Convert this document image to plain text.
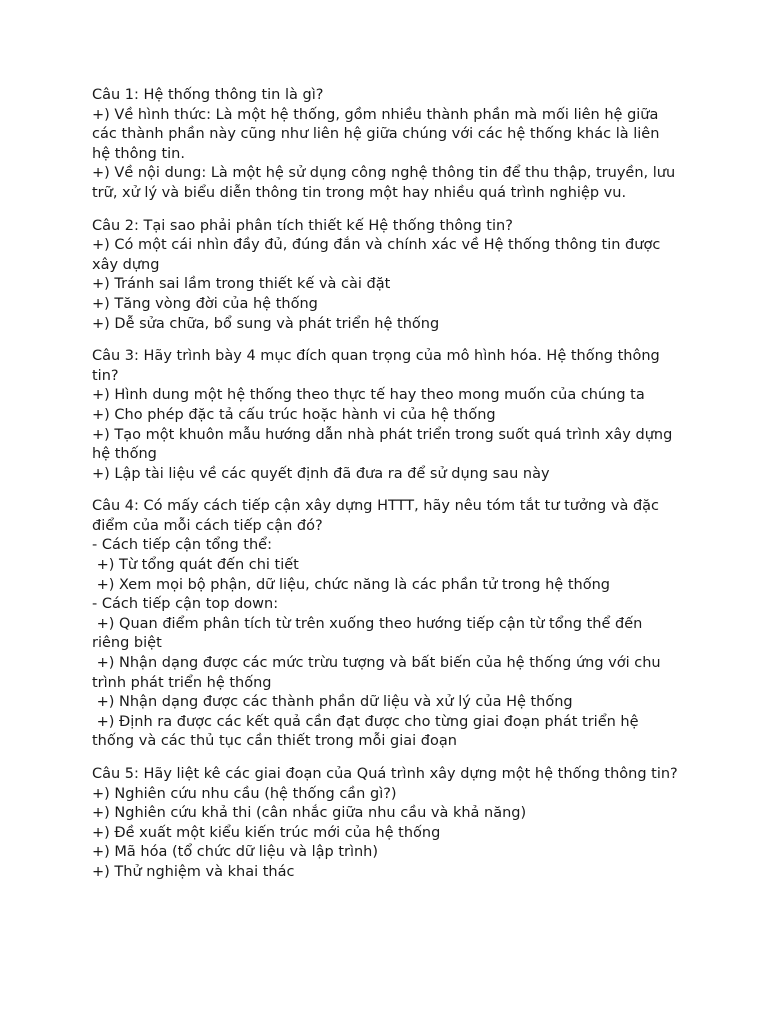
Câu 1: Hệ thống thông tin là gì?

+) Về hình thức: Là một hệ thống, gồm nhiều thành phần mà mối liên hệ giữa các thành phần này cũng như liên hệ giữa chúng với các hệ thống khác là liên hệ thông tin.

+) Về nội dung: Là một hệ sử dụng công nghệ thông tin để thu thập, truyền, lưu trữ, xử lý và biểu diễn thông tin trong một hay nhiều quá trình nghiệp vu.

Câu 2: Tại sao phải phân tích thiết kế Hệ thống thông tin?

+) Có một cái nhìn đầy đủ, đúng đắn và chính xác về Hệ thống thông tin được xây dựng

+) Tránh sai lầm trong thiết kế và cài đặt

+) Tăng vòng đời của hệ thống

+) Dễ sửa chữa, bổ sung và phát triển hệ thống

Câu 3: Hãy trình bày 4 mục đích quan trọng của mô hình hóa. Hệ thống thông tin?

+) Hình dung một hệ thống theo thực tế hay theo mong muốn của chúng ta

+) Cho phép đặc tả cấu trúc hoặc hành vi của hệ thống

+) Tạo một khuôn mẫu hướng dẫn nhà phát triển trong suốt quá trình xây dựng hệ thống

+) Lập tài liệu về các quyết định đã đưa ra để sử dụng sau này

Câu 4: Có mấy cách tiếp cận xây dựng HTTT, hãy nêu tóm tắt tư tưởng và đặc điểm của mỗi cách tiếp cận đó?

- Cách tiếp cận tổng thể:

+) Từ tổng quát đến chi tiết

+) Xem mọi bộ phận, dữ liệu, chức năng là các phần tử trong hệ thống

- Cách tiếp cận top down:

+) Quan điểm phân tích từ trên xuống theo hướng tiếp cận từ tổng thể đến riêng biệt

+) Nhận dạng được các mức trừu tượng và bất biến của hệ thống ứng với chu trình phát triển hệ thống

+) Nhận dạng được các thành phần dữ liệu và xử lý của Hệ thống

+) Định ra được các kết quả cần đạt được cho từng giai đoạn phát triển hệ thống và các thủ tục cần thiết trong mỗi giai đoạn

Câu 5: Hãy liệt kê các giai đoạn của Quá trình xây dựng một hệ thống thông tin?

+) Nghiên cứu nhu cầu (hệ thống cần gì?)

+) Nghiên cứu khả thi (cân nhắc giữa nhu cầu và khả năng)

+) Đề xuất một kiểu kiến trúc mới của hệ thống

+) Mã hóa (tổ chức dữ liệu và lập trình)

+) Thử nghiệm và khai thác
